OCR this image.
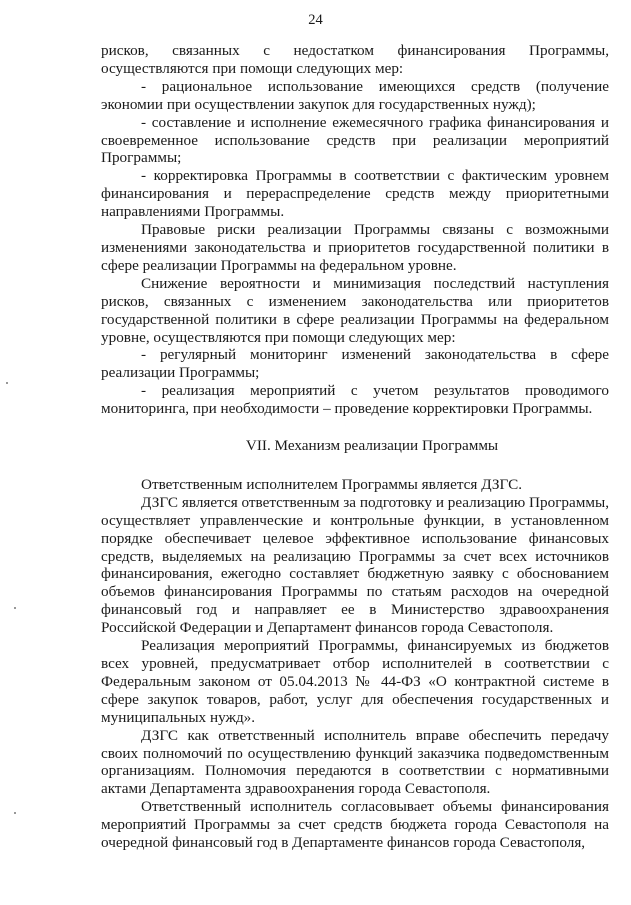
24

рисков, связанных с недостатком финансирования Программы, осуществляются при помощи следующих мер:

- рациональное использование имеющихся средств (получение экономии при осуществлении закупок для государственных нужд);

- составление и исполнение ежемесячного графика финансирования и своевременное использование средств при реализации мероприятий Программы;

- корректировка Программы в соответствии с фактическим уровнем финансирования и перераспределение средств между приоритетными направлениями Программы.

Правовые риски реализации Программы связаны с возможными изменениями законодательства и приоритетов государственной политики в сфере реализации Программы на федеральном уровне.

Снижение вероятности и минимизация последствий наступления рисков, связанных с изменением законодательства или приоритетов государственной политики в сфере реализации Программы на федеральном уровне, осуществляются при помощи следующих мер:

- регулярный мониторинг изменений законодательства в сфере реализации Программы;

- реализация мероприятий с учетом результатов проводимого мониторинга, при необходимости – проведение корректировки Программы.

VII. Механизм реализации Программы

Ответственным исполнителем Программы является ДЗГС.

ДЗГС является ответственным за подготовку и реализацию Программы, осуществляет управленческие и контрольные функции, в установленном порядке обеспечивает целевое эффективное использование финансовых средств, выделяемых на реализацию Программы за счет всех источников финансирования, ежегодно составляет бюджетную заявку с обоснованием объемов финансирования Программы по статьям расходов на очередной финансовый год и направляет ее в Министерство здравоохранения Российской Федерации и Департамент финансов города Севастополя.

Реализация мероприятий Программы, финансируемых из бюджетов всех уровней, предусматривает отбор исполнителей в соответствии с Федеральным законом от 05.04.2013 № 44-ФЗ «О контрактной системе в сфере закупок товаров, работ, услуг для обеспечения государственных и муниципальных нужд».

ДЗГС как ответственный исполнитель вправе обеспечить передачу своих полномочий по осуществлению функций заказчика подведомственным организациям. Полномочия передаются в соответствии с нормативными актами Департамента здравоохранения города Севастополя.

Ответственный исполнитель согласовывает объемы финансирования мероприятий Программы за счет средств бюджета города Севастополя на очередной финансовый год в Департаменте финансов города Севастополя,
